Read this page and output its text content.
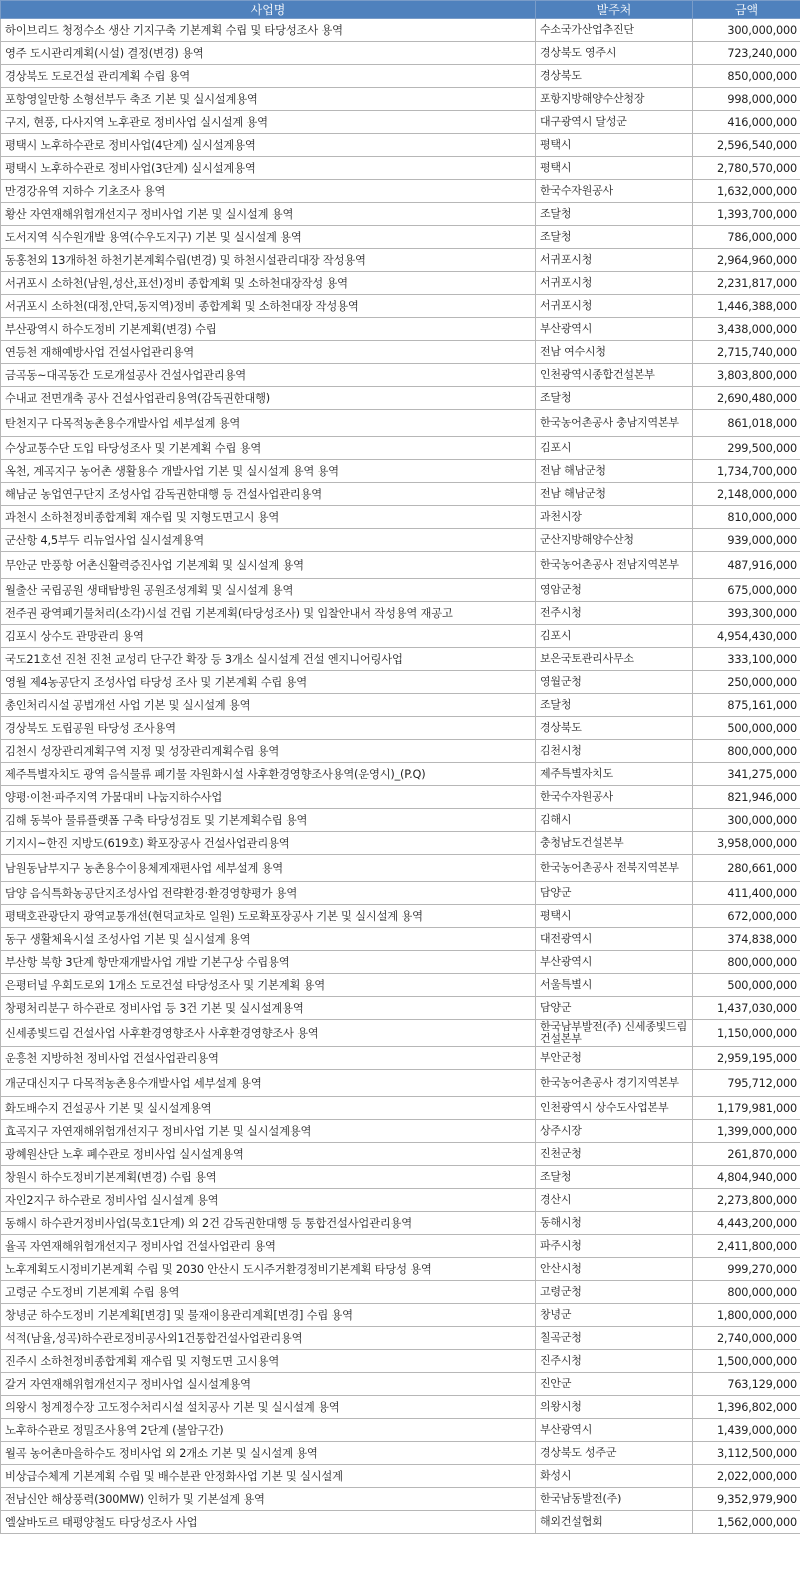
사업명	발주처	금액
하이브리드 청정수소 생산 기지구축 기본계획 수립 및 타당성조사 용역	수소국가산업추진단	300,000,000
영주 도시관리계획(시설) 결정(변경) 용역	경상북도 영주시	723,240,000
경상북도 도로건설 관리계획 수립 용역	경상북도	850,000,000
포항영일만항 소형선부두 축조 기본 및 실시설계용역	포항지방해양수산청장	998,000,000
구지, 현풍, 다사지역 노후관로 정비사업 실시설계 용역	대구광역시 달성군	416,000,000
평택시 노후하수관로 정비사업(4단계) 실시설계용역	평택시	2,596,540,000
평택시 노후하수관로 정비사업(3단계) 실시설계용역	평택시	2,780,570,000
만경강유역 지하수 기초조사 용역	한국수자원공사	1,632,000,000
황산 자연재해위험개선지구 정비사업 기본 및 실시설계 용역	조달청	1,393,700,000
도서지역 식수원개발 용역(수우도지구) 기본 및 실시설계 용역	조달청	786,000,000
동홍천외 13개하천 하천기본계획수립(변경) 및 하천시설관리대장 작성용역	서귀포시청	2,964,960,000
서귀포시 소하천(남원,성산,표선)정비 종합계획 및 소하천대장작성 용역	서귀포시청	2,231,817,000
서귀포시 소하천(대정,안덕,동지역)정비 종합계획 및 소하천대장 작성용역	서귀포시청	1,446,388,000
부산광역시 하수도정비 기본계획(변경) 수립	부산광역시	3,438,000,000
연등천 재해예방사업 건설사업관리용역	전남 여수시청	2,715,740,000
금곡동~대곡동간 도로개설공사 건설사업관리용역	인천광역시종합건설본부	3,803,800,000
수내교 전면개축 공사 건설사업관리용역(감독권한대행)	조달청	2,690,480,000
탄천지구 다목적농촌용수개발사업 세부설계 용역	한국농어촌공사 충남지역본부	861,018,000
수상교통수단 도입 타당성조사 및 기본계획 수립 용역	김포시	299,500,000
옥천, 계곡지구 농어촌 생활용수 개발사업 기본 및 실시설계 용역 용역	전남 해남군청	1,734,700,000
해남군 농업연구단지 조성사업 감독권한대행 등 건설사업관리용역	전남 해남군청	2,148,000,000
과천시 소하천정비종합계획 재수립 및 지형도면고시 용역	과천시장	810,000,000
군산항 4,5부두 리뉴얼사업 실시설계용역	군산지방해양수산청	939,000,000
무안군 만풍항 어촌신활력증진사업 기본계획 및 실시설계 용역	한국농어촌공사 전남지역본부	487,916,000
월출산 국립공원 생태탐방원 공원조성계획 및 실시설계 용역	영암군청	675,000,000
전주권 광역폐기물처리(소각)시설 건립 기본계획(타당성조사) 및 입찰안내서 작성용역 재공고	전주시청	393,300,000
김포시 상수도 관망관리 용역	김포시	4,954,430,000
국도21호선 진천 진천 교성리 단구간 확장 등 3개소 실시설계 건설 엔지니어링사업	보은국토관리사무소	333,100,000
영월 제4농공단지 조성사업 타당성 조사 및 기본계획 수립 용역	영월군청	250,000,000
총인처리시설 공법개선 사업 기본 및 실시설계 용역	조달청	875,161,000
경상북도 도립공원 타당성 조사용역	경상북도	500,000,000
김천시 성장관리계획구역 지정 및 성장관리계획수립 용역	김천시청	800,000,000
제주특별자치도 광역 음식물류 폐기물 자원화시설 사후환경영향조사용역(운영시)_(P.Q)	제주특별자치도	341,275,000
양평·이천·파주지역 가뭄대비 나눔지하수사업	한국수자원공사	821,946,000
김해 동북아 물류플랫폼 구축 타당성검토 및 기본계획수립 용역	김해시	300,000,000
기지시~한진 지방도(619호) 확포장공사 건설사업관리용역	충청남도건설본부	3,958,000,000
남원동남부지구 농촌용수이용체계재편사업 세부설계 용역	한국농어촌공사 전북지역본부	280,661,000
담양 음식특화농공단지조성사업 전략환경·환경영향평가 용역	담양군	411,400,000
평택호관광단지 광역교통개선(현덕교차로 일원) 도로확포장공사 기본 및 실시설계 용역	평택시	672,000,000
동구 생활체육시설 조성사업 기본 및 실시설계 용역	대전광역시	374,838,000
부산항 북항 3단계 항만재개발사업 개발 기본구상 수립용역	부산광역시	800,000,000
은평터널 우회도로외 1개소 도로건설 타당성조사 및 기본계획 용역	서울특별시	500,000,000
창평처리분구 하수관로 정비사업 등 3건 기본 및 실시설계용역	담양군	1,437,030,000
신세종빛드림 건설사업 사후환경영향조사 사후환경영향조사 용역	한국남부발전(주) 신세종빛드림건설본부	1,150,000,000
운흥천 지방하천 정비사업 건설사업관리용역	부안군청	2,959,195,000
개군대신지구 다목적농촌용수개발사업 세부설계 용역	한국농어촌공사 경기지역본부	795,712,000
화도배수지 건설공사 기본 및 실시설계용역	인천광역시 상수도사업본부	1,179,981,000
효곡지구 자연재해위험개선지구 정비사업 기본 및 실시설계용역	상주시장	1,399,000,000
광혜원산단 노후 폐수관로 정비사업 실시설계용역	진천군청	261,870,000
창원시 하수도정비기본계획(변경) 수립 용역	조달청	4,804,940,000
자인2지구 하수관로 정비사업 실시설계 용역	경산시	2,273,800,000
동해시 하수관거정비사업(묵호1단계) 외 2건 감독권한대행 등 통합건설사업관리용역	동해시청	4,443,200,000
율곡 자연재해위험개선지구 정비사업 건설사업관리 용역	파주시청	2,411,800,000
노후계획도시정비기본계획 수립 및 2030 안산시 도시주거환경정비기본계획 타당성 용역	안산시청	999,270,000
고령군 수도정비 기본계획 수립 용역	고령군청	800,000,000
창녕군 하수도정비 기본계획[변경] 및 물재이용관리계획[변경] 수립 용역	창녕군	1,800,000,000
석적(남율,성곡)하수관로정비공사외1건통합건설사업관리용역	칠곡군청	2,740,000,000
진주시 소하천정비종합계획 재수립 및 지형도면 고시용역	진주시청	1,500,000,000
갈거 자연재해위험개선지구 정비사업 실시설계용역	진안군	763,129,000
의왕시 청계정수장 고도정수처리시설 설치공사 기본 및 실시설계 용역	의왕시청	1,396,802,000
노후하수관로 정밀조사용역 2단계 (불암구간)	부산광역시	1,439,000,000
월곡 농어촌마을하수도 정비사업 외 2개소 기본 및 실시설계 용역	경상북도 성주군	3,112,500,000
비상급수체계 기본계획 수립 및 배수분관 안정화사업 기본 및 실시설계	화성시	2,022,000,000
전남신안 해상풍력(300MW) 인허가 및 기본설계 용역	한국남동발전(주)	9,352,979,900
엘살바도르 태평양철도 타당성조사 사업	해외건설협회	1,562,000,000
